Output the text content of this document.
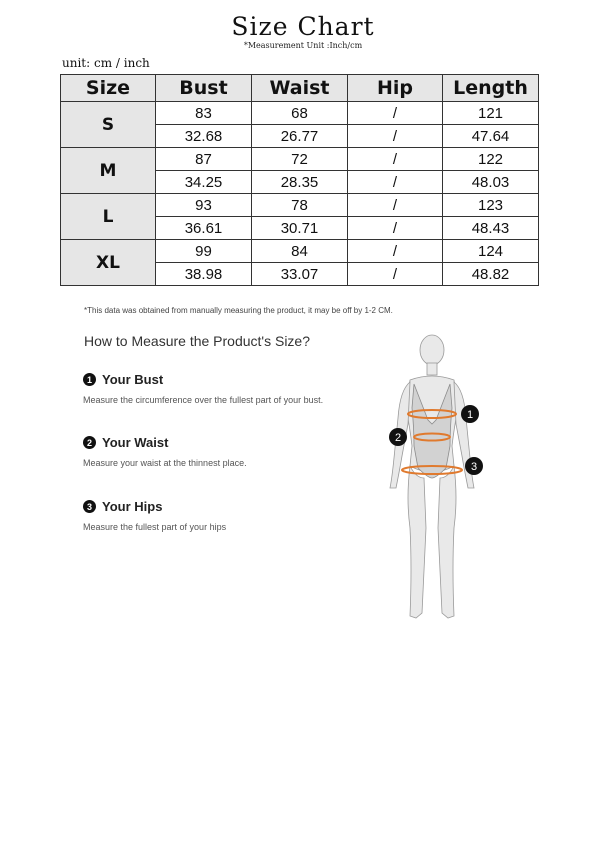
Size Chart
*Measurement Unit :Inch/cm
unit: cm / inch
Size	Bust	Waist	Hip	Length
S	83	68	/	121
	32.68	26.77	/	47.64
M	87	72	/	122
	34.25	28.35	/	48.03
L	93	78	/	123
	36.61	30.71	/	48.43
XL	99	84	/	124
	38.98	33.07	/	48.82
*This data was obtained from manually measuring the product, it may be off by 1-2 CM.
How to Measure the Product's Size?
1 Your Bust
Measure the circumference over the fullest part of your bust.
2 Your Waist
Measure your waist at the thinnest place.
3 Your Hips
Measure the fullest part of your hips
1
2
3
